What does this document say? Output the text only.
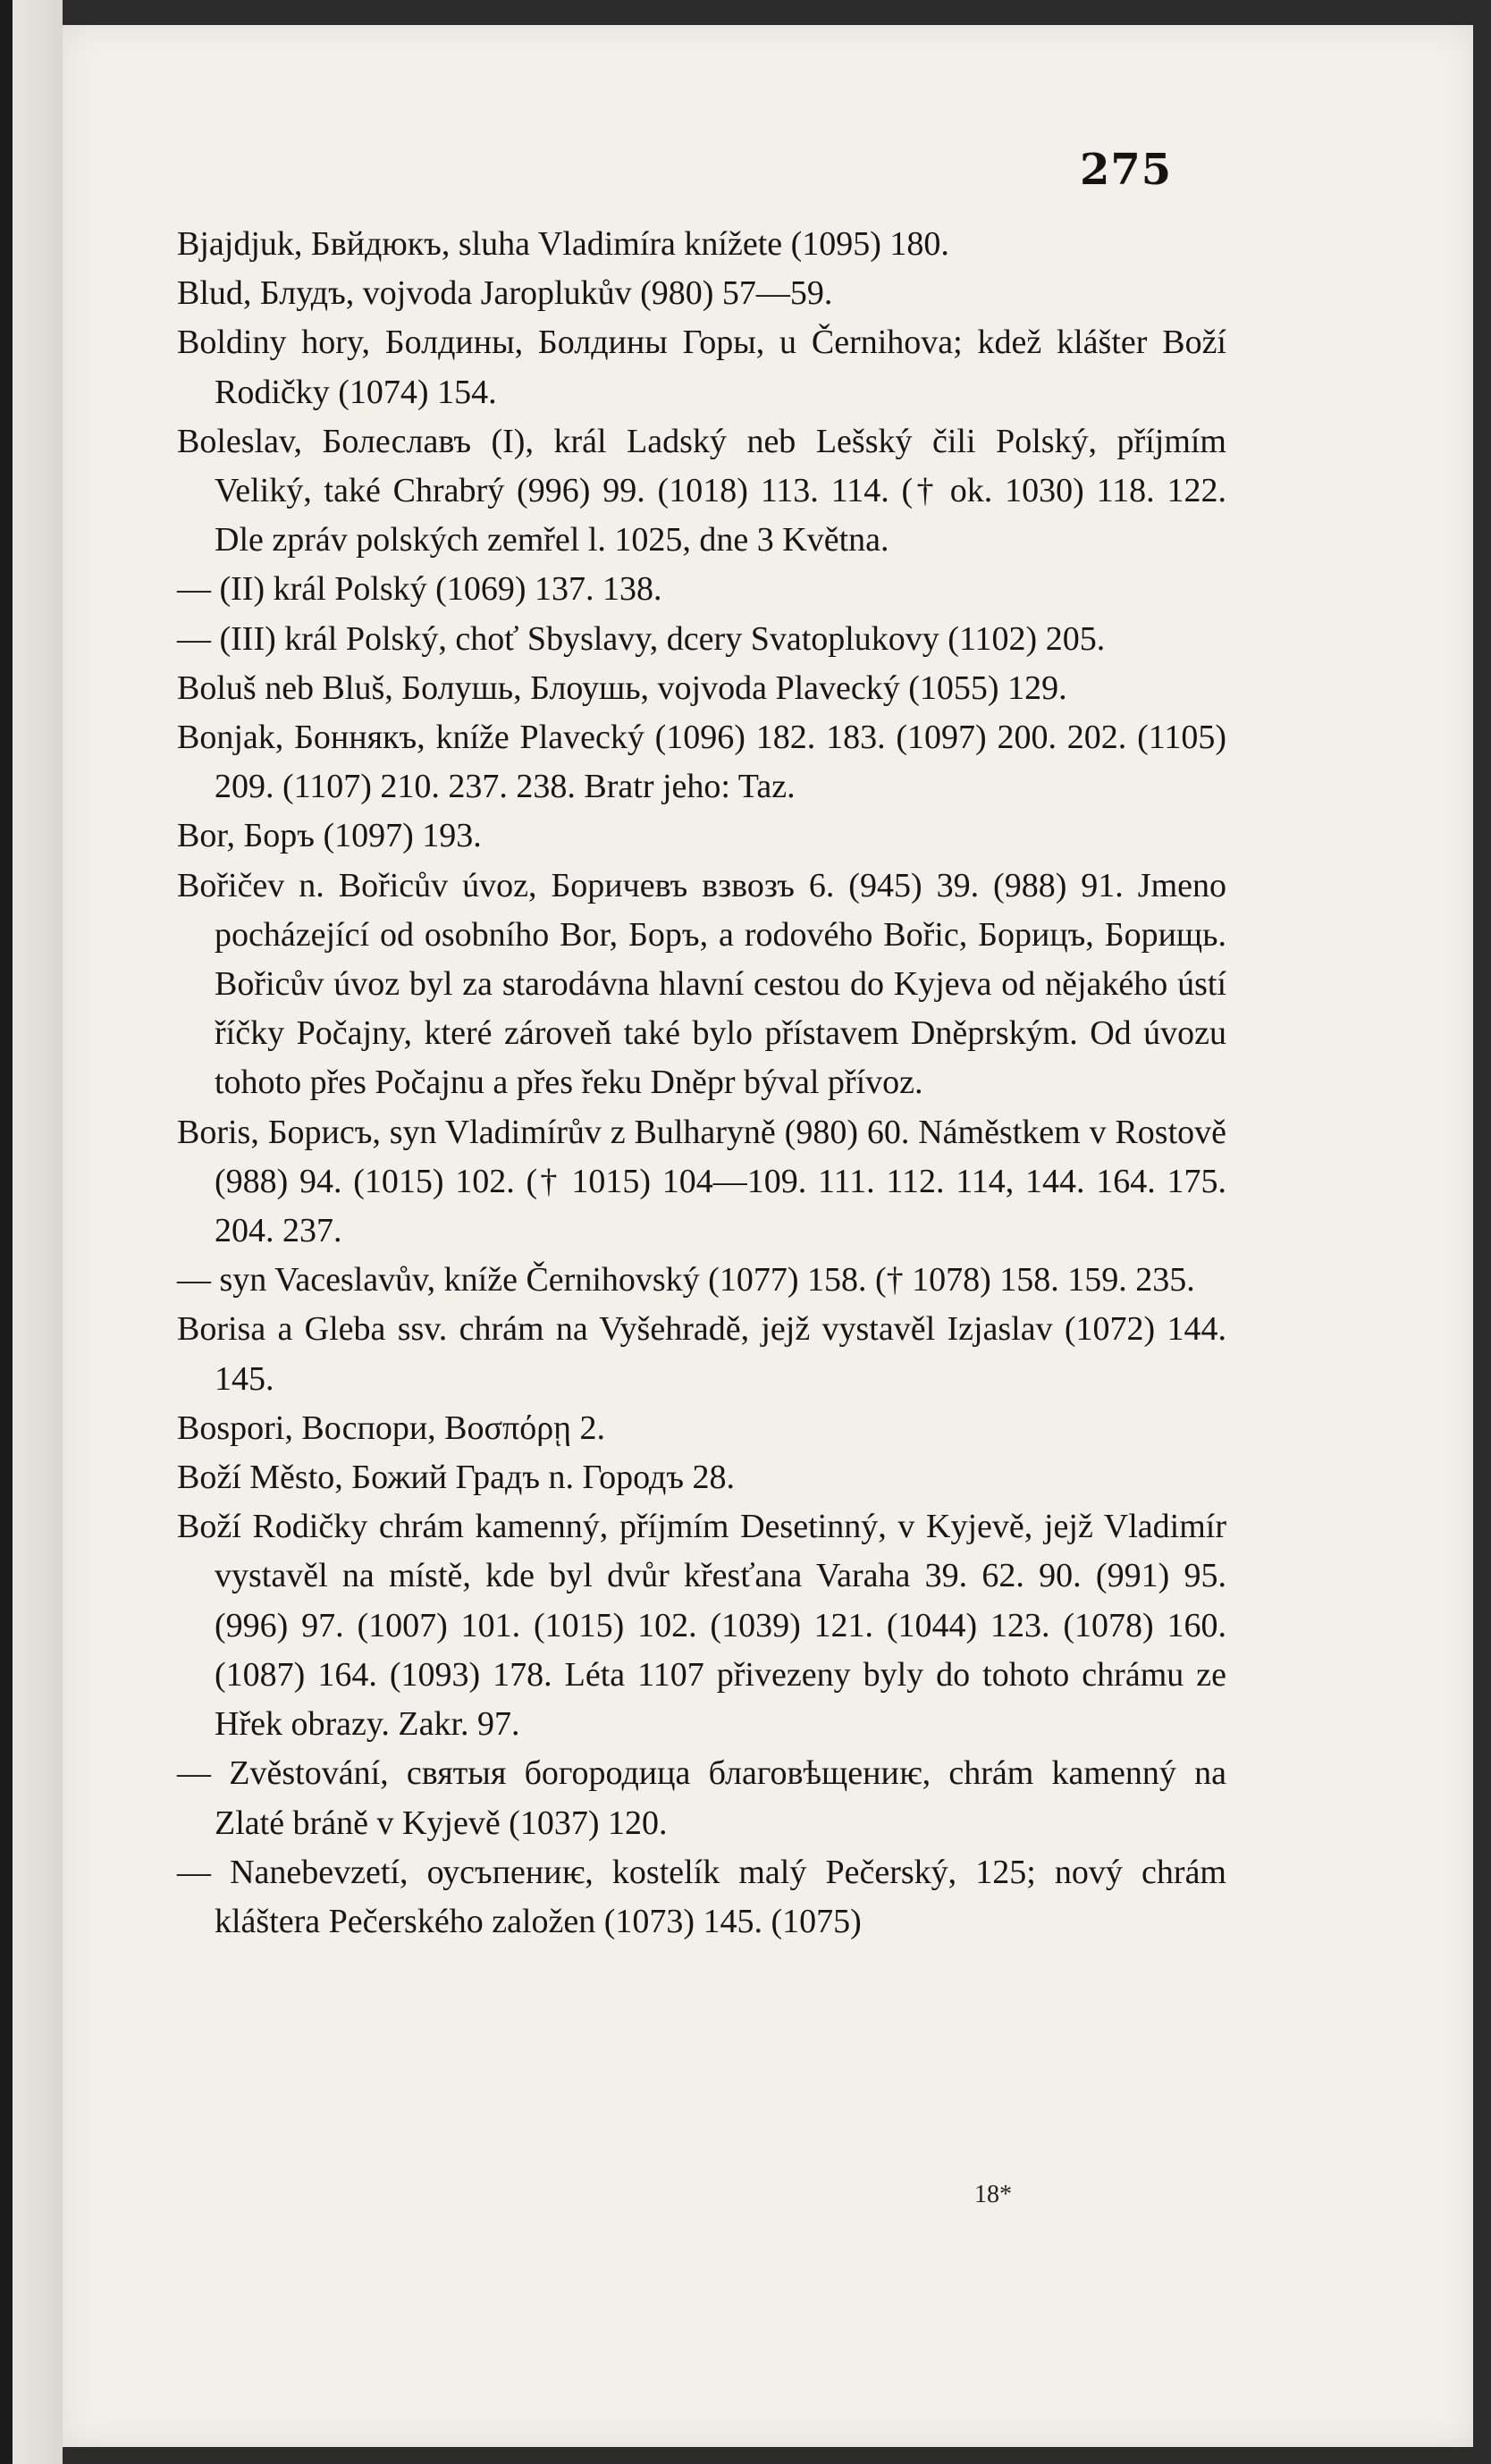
275

Bjajdjuk, Бвйдюкъ, sluha Vladimíra knížete (1095) 180.

Blud, Блудъ, vojvoda Jaroplukův (980) 57—59.

Boldiny hory, Болдины, Болдины Горы, u Černihova; kdež klášter Boží Rodičky (1074) 154.

Boleslav, Болеславъ (I), král Ladský neb Lešský čili Polský, příjmím Veliký, také Chrabrý (996) 99. (1018) 113. 114. († ok. 1030) 118. 122. Dle zpráv polských zemřel l. 1025, dne 3 Května.

— (II) král Polský (1069) 137. 138.

— (III) král Polský, choť Sbyslavy, dcery Svatoplukovy (1102) 205.

Boluš neb Bluš, Болушь, Блоушь, vojvoda Plavecký (1055) 129.

Bonjak, Боннякъ, kníže Plavecký (1096) 182. 183. (1097) 200. 202. (1105) 209. (1107) 210. 237. 238. Bratr jeho: Taz.

Bor, Боръ (1097) 193.

Bořičev n. Bořicův úvoz, Боричевъ взвозъ 6. (945) 39. (988) 91. Jmeno pocházející od osobního Bor, Боръ, a rodového Bořic, Борицъ, Борищь. Bořicův úvoz byl za starodávna hlavní cestou do Kyjeva od nějakého ústí říčky Počajny, které zároveň také bylo přístavem Dněprským. Od úvozu tohoto přes Počajnu a přes řeku Dněpr býval přívoz.

Boris, Борисъ, syn Vladimírův z Bulharyně (980) 60. Náměstkem v Rostově (988) 94. (1015) 102. († 1015) 104—109. 111. 112. 114, 144. 164. 175. 204. 237.

— syn Vaceslavův, kníže Černihovský (1077) 158. († 1078) 158. 159. 235.

Borisa a Gleba ssv. chrám na Vyšehradě, jejž vystavěl Izjaslav (1072) 144. 145.

Bospori, Воспори, Βοσπόρῃ 2.

Boží Město, Божий Градъ n. Городъ 28.

Boží Rodičky chrám kamenný, příjmím Desetinný, v Kyjevě, jejž Vladimír vystavěl na místě, kde byl dvůr křesťana Varaha 39. 62. 90. (991) 95. (996) 97. (1007) 101. (1015) 102. (1039) 121. (1044) 123. (1078) 160. (1087) 164. (1093) 178. Léta 1107 přivezeny byly do tohoto chrámu ze Hřek obrazy. Zakr. 97.

— Zvěstování, святыя богородица благовѣщениѥ, chrám kamenný na Zlaté bráně v Kyjevě (1037) 120.

— Nanebevzetí, оусъпениѥ, kostelík malý Pečerský, 125; nový chrám kláštera Pečerského založen (1073) 145. (1075)

18*
